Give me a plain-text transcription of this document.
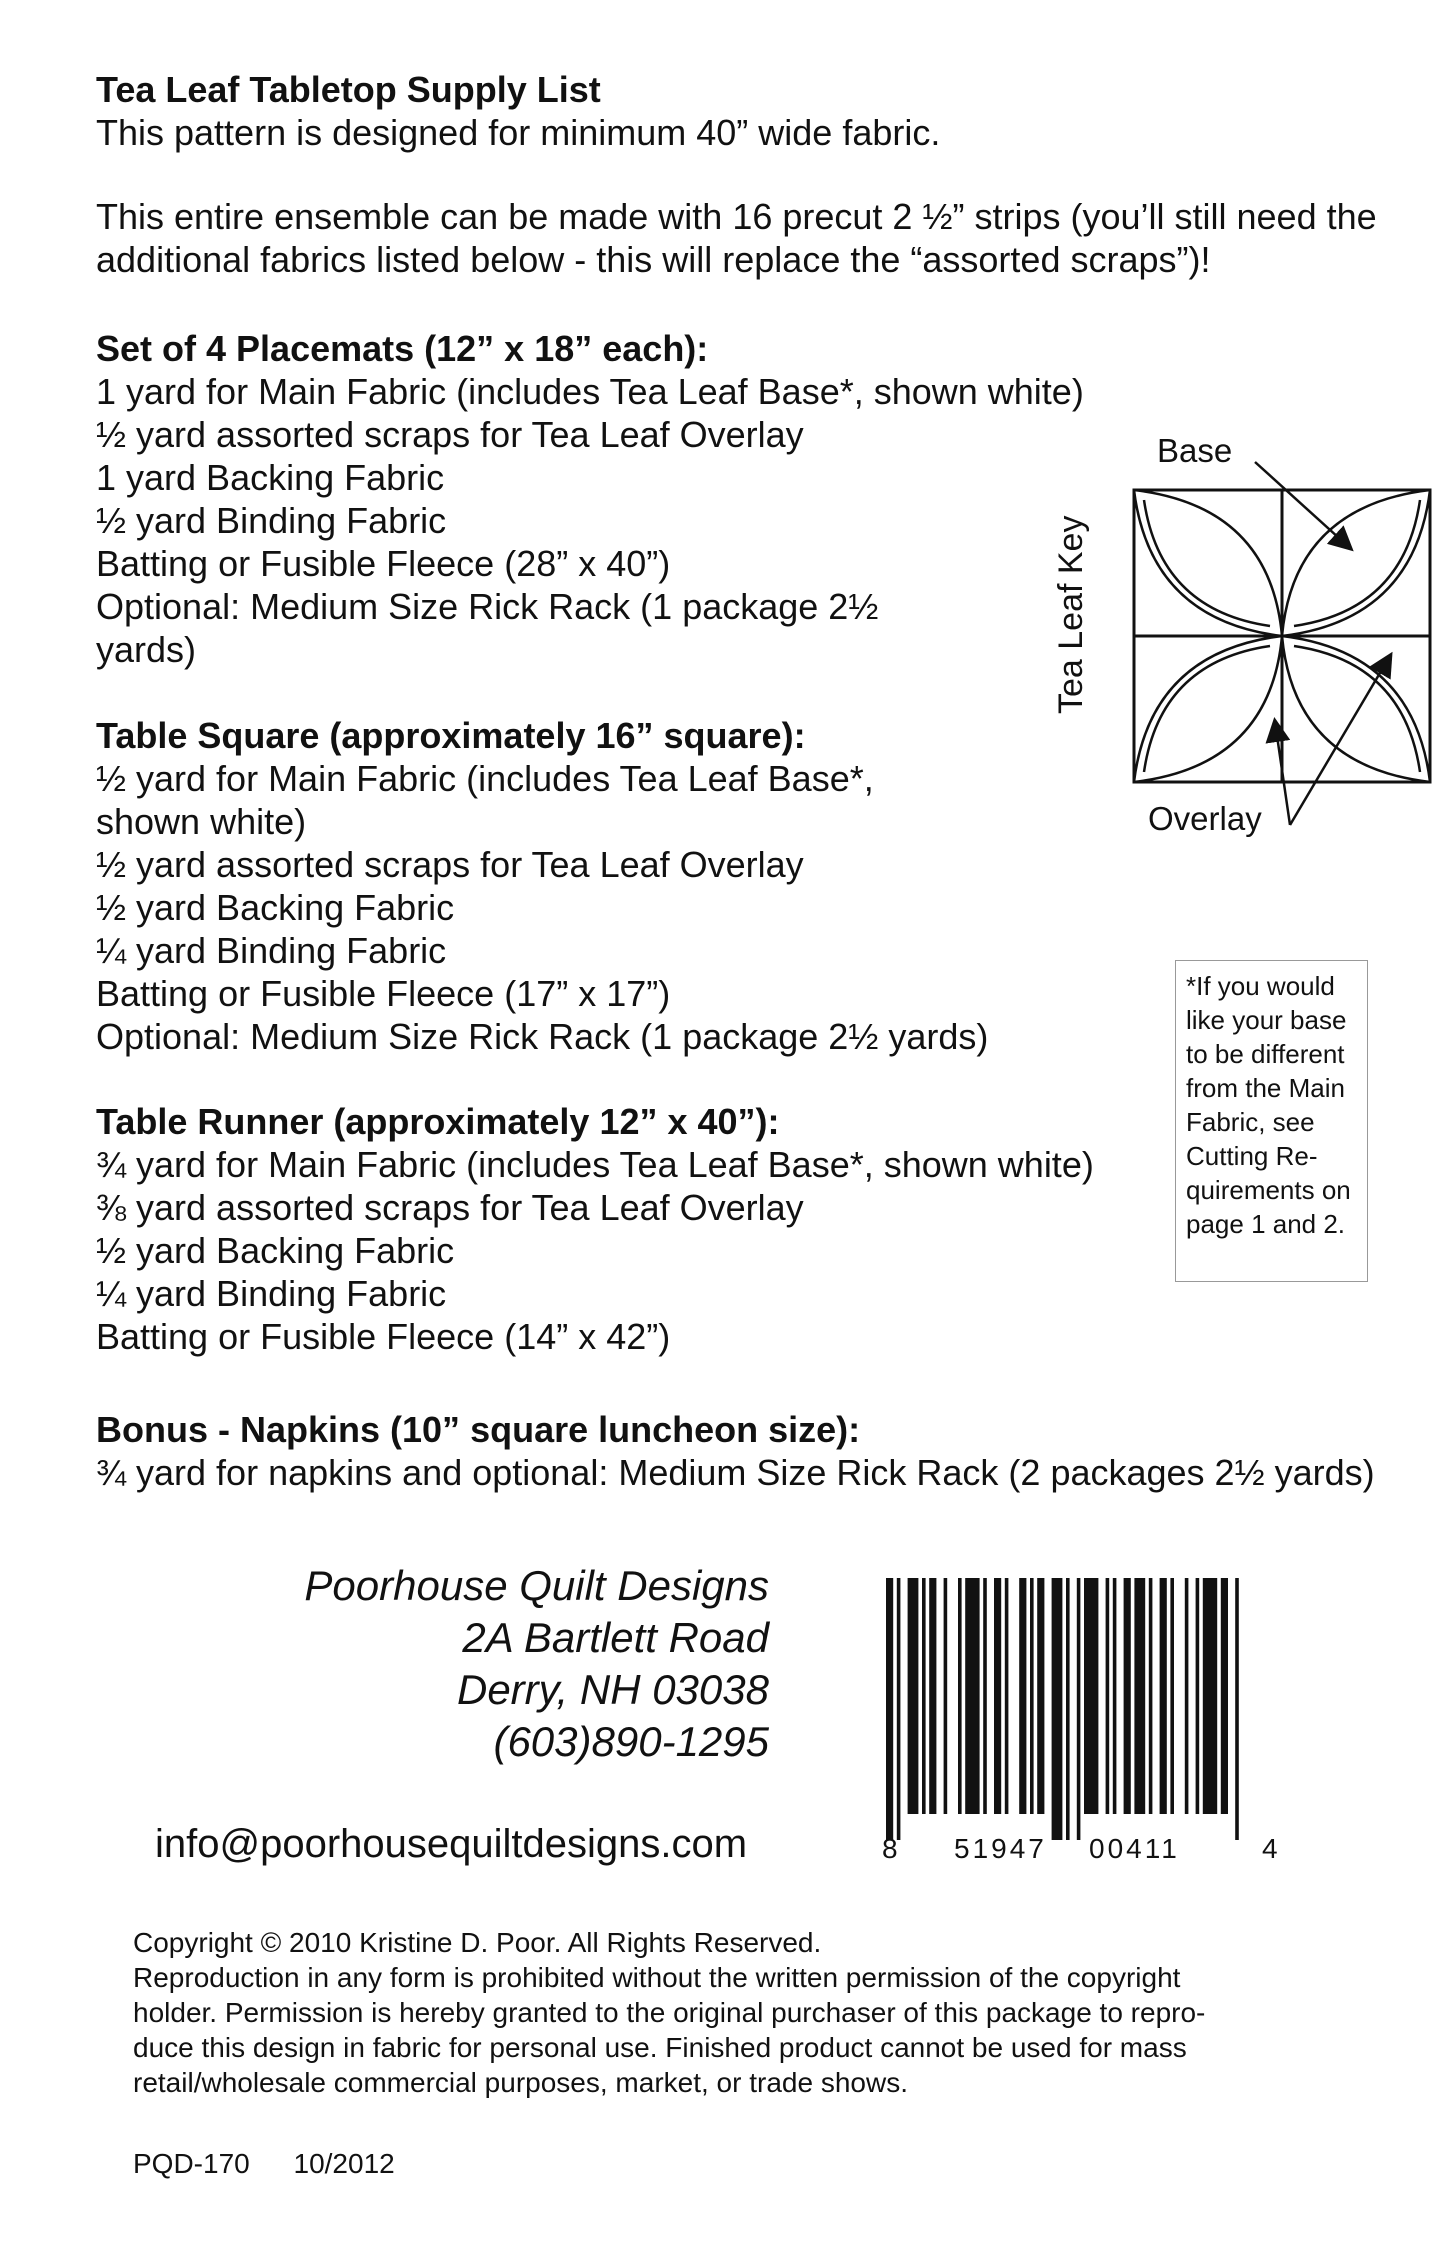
Tea Leaf Tabletop Supply List

This pattern is designed for minimum 40” wide fabric.

This entire ensemble can be made with 16 precut 2 ½” strips (you’ll still need the

additional fabrics listed below - this will replace the “assorted scraps”)!

Set of 4 Placemats (12” x 18” each):

1 yard for Main Fabric (includes Tea Leaf Base*, shown white)

½ yard assorted scraps for Tea Leaf Overlay

1 yard Backing Fabric

½ yard Binding Fabric

Batting or Fusible Fleece (28” x 40”)

Optional: Medium Size Rick Rack (1 package 2½

yards)

Table Square (approximately 16” square):

½ yard for Main Fabric (includes Tea Leaf Base*,

shown white)

½ yard assorted scraps for Tea Leaf Overlay

½ yard Backing Fabric

¼ yard Binding Fabric

Batting or Fusible Fleece (17” x 17”)

Optional: Medium Size Rick Rack (1 package 2½ yards)

Table Runner (approximately 12” x 40”):

¾ yard for Main Fabric (includes Tea Leaf Base*, shown white)

⅜ yard assorted scraps for Tea Leaf Overlay

½ yard Backing Fabric

¼ yard Binding Fabric

Batting or Fusible Fleece (14” x 42”)

Bonus - Napkins (10” square luncheon size):

¾ yard for napkins and optional: Medium Size Rick Rack (2 packages 2½ yards)

Tea Leaf Key
Base
Overlay

*If you would

like your base

to be different

from the Main

Fabric, see

Cutting Re-

quirements on

page 1 and 2.

Poorhouse Quilt Designs

2A Bartlett Road

Derry, NH 03038

(603)890-1295

info@poorhousequiltdesigns.com	8 51947 00411	4

Copyright © 2010 Kristine D. Poor. All Rights Reserved.

Reproduction in any form is prohibited without the written permission of the copyright

holder. Permission is hereby granted to the original purchaser of this package to repro-

duce this design in fabric for personal use. Finished product cannot be used for mass

retail/wholesale commercial purposes, market, or trade shows.

PQD-170 10/2012
